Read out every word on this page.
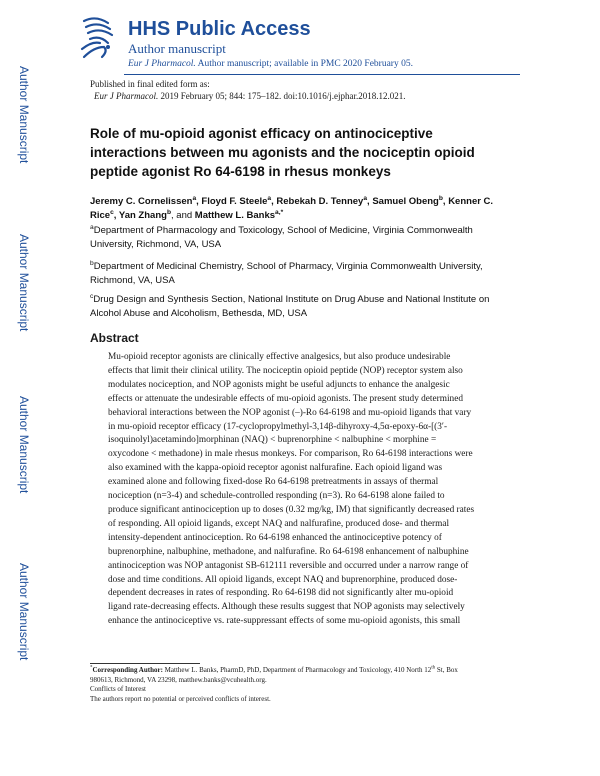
Author Manuscript
Author Manuscript
Author Manuscript
Author Manuscript
HHS Public Access
Author manuscript
Eur J Pharmacol. Author manuscript; available in PMC 2020 February 05.
Published in final edited form as:
Eur J Pharmacol. 2019 February 05; 844: 175–182. doi:10.1016/j.ejphar.2018.12.021.
Role of mu-opioid agonist efficacy on antinociceptive
interactions between mu agonists and the nociceptin opioid
peptide agonist Ro 64-6198 in rhesus monkeys
Jeremy C. Cornelissen$^a$, Floyd F. Steele$^a$, Rebekah D. Tenney$^a$, Samuel Obeng$^b$, Kenner C.
Rice$^c$, Yan Zhang$^b$, and Matthew L. Banks$^{a,*}$
$^a$Department of Pharmacology and Toxicology, School of Medicine, Virginia Commonwealth
University, Richmond, VA, USA
$^b$Department of Medicinal Chemistry, School of Pharmacy, Virginia Commonwealth University,
Richmond, VA, USA
$^c$Drug Design and Synthesis Section, National Institute on Drug Abuse and National Institute on
Alcohol Abuse and Alcoholism, Bethesda, MD, USA
Abstract
Mu-opioid receptor agonists are clinically effective analgesics, but also produce undesirable
effects that limit their clinical utility. The nociceptin opioid peptide (NOP) receptor system also
modulates nociception, and NOP agonists might be useful adjuncts to enhance the analgesic
effects or attenuate the undesirable effects of mu-opioid agonists. The present study determined
behavioral interactions between the NOP agonist (–)-Ro 64-6198 and mu-opioid ligands that vary
in mu-opioid receptor efficacy (17-cyclopropylmethyl-3,14β-dihyroxy-4,5α-epoxy-6α-[(3′-
isoquinolyl)acetamindo]morphinan (NAQ) < buprenorphine < nalbuphine < morphine =
oxycodone < methadone) in male rhesus monkeys. For comparison, Ro 64-6198 interactions were
also examined with the kappa-opioid receptor agonist nalfurafine. Each opioid ligand was
examined alone and following fixed-dose Ro 64-6198 pretreatments in assays of thermal
nociception (n=3-4) and schedule-controlled responding (n=3). Ro 64-6198 alone failed to
produce significant antinociception up to doses (0.32 mg/kg, IM) that significantly decreased rates
of responding. All opioid ligands, except NAQ and nalfurafine, produced dose- and thermal
intensity-dependent antinociception. Ro 64-6198 enhanced the antinociceptive potency of
buprenorphine, nalbuphine, methadone, and nalfurafine. Ro 64-6198 enhancement of nalbuphine
antinociception was NOP antagonist SB-612111 reversible and occurred under a narrow range of
dose and time conditions. All opioid ligands, except NAQ and buprenorphine, produced dose-
dependent decreases in rates of responding. Ro 64-6198 did not significantly alter mu-opioid
ligand rate-decreasing effects. Although these results suggest that NOP agonists may selectively
enhance the antinociceptive vs. rate-suppressant effects of some mu-opioid agonists, this small
*Corresponding Author: Matthew L. Banks, PharmD, PhD, Department of Pharmacology and Toxicology, 410 North 12th St, Box
980613, Richmond, VA 23298, matthew.banks@vcuhealth.org.
Conflicts of Interest
The authors report no potential or perceived conflicts of interest.
